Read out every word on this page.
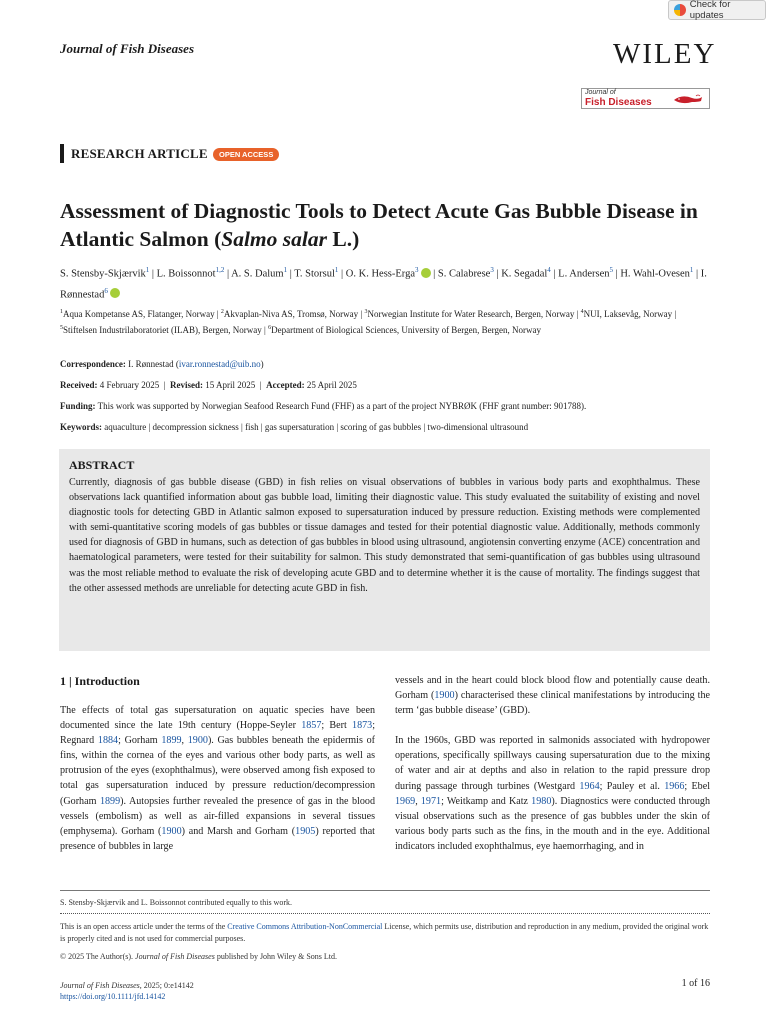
Check for updates
Journal of Fish Diseases	WILEY
Journal of
Fish Diseases
RESEARCH ARTICLE	OPEN ACCESS
Assessment of Diagnostic Tools to Detect Acute Gas Bubble Disease in Atlantic Salmon (Salmo salar L.)
S. Stensby-Skjærvik$^1$ | L. Boissonnot$^{1,2}$ | A. S. Dalum$^1$ | T. Storsul$^1$ | O. K. Hess-Erga$^3$ | S. Calabrese$^3$ | K. Segadal$^4$ | L. Andersen$^5$ | H. Wahl-Ovesen$^1$ | I. Rønnestad$^6$
$^1$Aqua Kompetanse AS, Flatanger, Norway | $^2$Akvaplan-Niva AS, Tromsø, Norway | $^3$Norwegian Institute for Water Research, Bergen, Norway | $^4$NUI, Laksevåg, Norway | $^5$Stiftelsen Industrilaboratoriet (ILAB), Bergen, Norway | $^6$Department of Biological Sciences, University of Bergen, Bergen, Norway
Correspondence: I. Rønnestad (ivar.ronnestad@uib.no)
Received: 4 February 2025  |  Revised: 15 April 2025  |  Accepted: 25 April 2025
Funding: This work was supported by Norwegian Seafood Research Fund (FHF) as a part of the project NYBRØK (FHF grant number: 901788).
Keywords: aquaculture | decompression sickness | fish | gas supersaturation | scoring of gas bubbles | two-dimensional ultrasound
ABSTRACT
Currently, diagnosis of gas bubble disease (GBD) in fish relies on visual observations of bubbles in various body parts and exophthalmus. These observations lack quantified information about gas bubble load, limiting their diagnostic value. This study evaluated the suitability of existing and novel diagnostic tools for detecting GBD in Atlantic salmon exposed to supersaturation induced by pressure reduction. Existing methods were complemented with semi-quantitative scoring models of gas bubbles or tissue damages and tested for their potential diagnostic value. Additionally, methods commonly used for diagnosis of GBD in humans, such as detection of gas bubbles in blood using ultrasound, angiotensin converting enzyme (ACE) concentration and haematological parameters, were tested for their suitability for salmon. This study demonstrated that semi-quantification of gas bubbles using ultrasound was the most reliable method to evaluate the risk of developing acute GBD and to determine whether it is the cause of mortality. The findings suggest that the other assessed methods are unreliable for detecting acute GBD in fish.
1 | Introduction

The effects of total gas supersaturation on aquatic species have been documented since the late 19th century (Hoppe-Seyler 1857; Bert 1873; Regnard 1884; Gorham 1899, 1900). Gas bubbles beneath the epidermis of fins, within the cornea of the eyes and various other body parts, as well as protrusion of the eyes (exophthalmus), were observed among fish exposed to total gas supersaturation induced by pressure reduction/decompression (Gorham 1899). Autopsies further revealed the presence of gas in the blood vessels (embolism) as well as air-filled expansions in several tissues (emphysema). Gorham (1900) and Marsh and Gorham (1905) reported that presence of bubbles in large

vessels and in the heart could block blood flow and potentially cause death. Gorham (1900) characterised these clinical manifestations by introducing the term ‘gas bubble disease’ (GBD).

In the 1960s, GBD was reported in salmonids associated with hydropower operations, specifically spillways causing supersaturation due to the mixing of water and air at depths and also in relation to the rapid pressure drop during passage through turbines (Westgard 1964; Pauley et al. 1966; Ebel 1969, 1971; Weitkamp and Katz 1980). Diagnostics were conducted through visual observations such as the presence of gas bubbles under the skin of various body parts such as the fins, in the mouth and in the eye. Additional indicators included exophthalmus, eye haemorrhaging, and in

S. Stensby-Skjærvik and L. Boissonnot contributed equally to this work.
This is an open access article under the terms of the Creative Commons Attribution-NonCommercial License, which permits use, distribution and reproduction in any medium, provided the original work is properly cited and is not used for commercial purposes.
© 2025 The Author(s). Journal of Fish Diseases published by John Wiley & Sons Ltd.
Journal of Fish Diseases, 2025; 0:e14142
https://doi.org/10.1111/jfd.14142
1 of 16
